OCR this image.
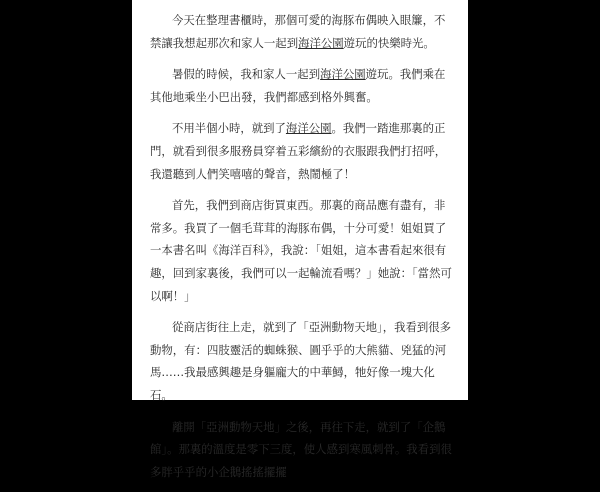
今天在整理書櫃時，那個可愛的海豚布偶映入眼簾，不禁讓我想起那次和家人一起到海洋公園遊玩的快樂時光。

暑假的時候，我和家人一起到海洋公園遊玩。我們乘在其他地乘坐小巴出發，我們都感到格外興奮。

不用半個小時，就到了海洋公園。我們一踏進那裏的正門，就看到很多服務員穿着五彩繽紛的衣服跟我們打招呼，我還聽到人們笑嘻嘻的聲音，熱鬧極了！

首先，我們到商店街買東西。那裏的商品應有盡有，非常多。我買了一個毛茸茸的海豚布偶，十分可愛！姐姐買了一本書名叫《海洋百科》，我說：「姐姐，這本書看起來很有趣，回到家裏後，我們可以一起輪流看嗎？」她說：「當然可以啊！」

從商店街往上走，就到了「亞洲動物天地」，我看到很多動物，有：四肢靈活的蜘蛛猴、圓乎乎的大熊貓、兇猛的河馬……我最感興趣是身軀龐大的中華鱘，牠好像一塊大化石。

離開「亞洲動物天地」之後，再往下走，就到了「企鵝館」。那裏的溫度是零下三度，使人感到寒風刺骨。我看到很多胖乎乎的小企鵝搖搖擺擺
